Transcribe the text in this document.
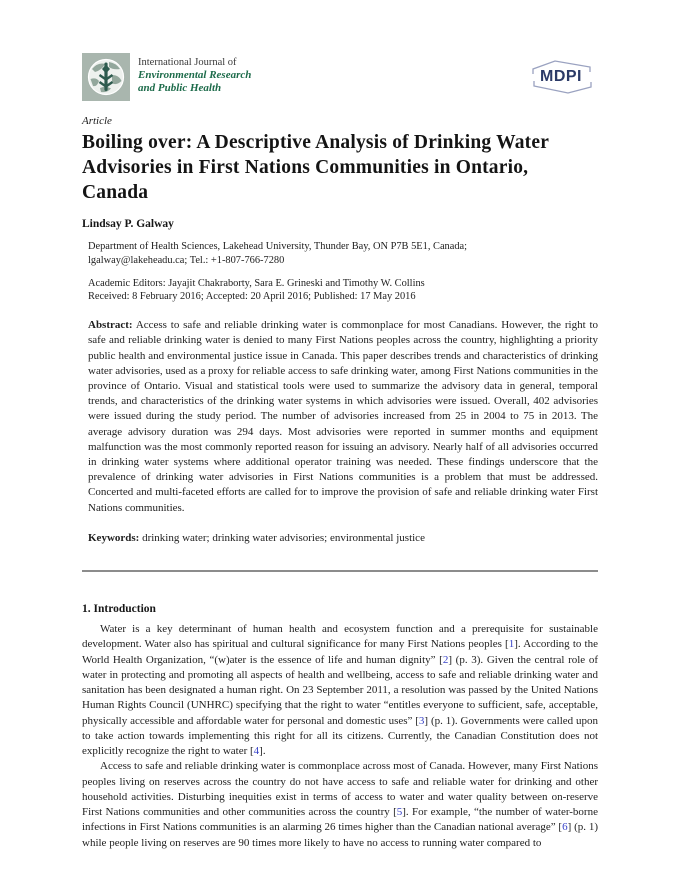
International Journal of
Environmental Research
and Public Health
MDPI
Article
Boiling over: A Descriptive Analysis of Drinking Water Advisories in First Nations Communities in Ontario, Canada
Lindsay P. Galway
Department of Health Sciences, Lakehead University, Thunder Bay, ON P7B 5E1, Canada;
lgalway@lakeheadu.ca; Tel.: +1-807-766-7280
Academic Editors: Jayajit Chakraborty, Sara E. Grineski and Timothy W. Collins
Received: 8 February 2016; Accepted: 20 April 2016; Published: 17 May 2016

Abstract: Access to safe and reliable drinking water is commonplace for most Canadians. However, the right to safe and reliable drinking water is denied to many First Nations peoples across the country, highlighting a priority public health and environmental justice issue in Canada. This paper describes trends and characteristics of drinking water advisories, used as a proxy for reliable access to safe drinking water, among First Nations communities in the province of Ontario. Visual and statistical tools were used to summarize the advisory data in general, temporal trends, and characteristics of the drinking water systems in which advisories were issued. Overall, 402 advisories were issued during the study period. The number of advisories increased from 25 in 2004 to 75 in 2013. The average advisory duration was 294 days. Most advisories were reported in summer months and equipment malfunction was the most commonly reported reason for issuing an advisory. Nearly half of all advisories occurred in drinking water systems where additional operator training was needed. These findings underscore that the prevalence of drinking water advisories in First Nations communities is a problem that must be addressed. Concerted and multi-faceted efforts are called for to improve the provision of safe and reliable drinking water First Nations communities.

Keywords: drinking water; drinking water advisories; environmental justice

1. Introduction

Water is a key determinant of human health and ecosystem function and a prerequisite for sustainable development. Water also has spiritual and cultural significance for many First Nations peoples [1]. According to the World Health Organization, “(w)ater is the essence of life and human dignity” [2] (p. 3). Given the central role of water in protecting and promoting all aspects of health and wellbeing, access to safe and reliable drinking water and sanitation has been designated a human right. On 23 September 2011, a resolution was passed by the United Nations Human Rights Council (UNHRC) specifying that the right to water “entitles everyone to sufficient, safe, acceptable, physically accessible and affordable water for personal and domestic uses” [3] (p. 1). Governments were called upon to take action towards implementing this right for all its citizens. Currently, the Canadian Constitution does not explicitly recognize the right to water [4].

Access to safe and reliable drinking water is commonplace across most of Canada. However, many First Nations peoples living on reserves across the country do not have access to safe and reliable water for drinking and other household activities. Disturbing inequities exist in terms of access to water and water quality between on-reserve First Nations communities and other communities across the country [5]. For example, “the number of water-borne infections in First Nations communities is an alarming 26 times higher than the Canadian national average” [6] (p. 1) while people living on reserves are 90 times more likely to have no access to running water compared to
